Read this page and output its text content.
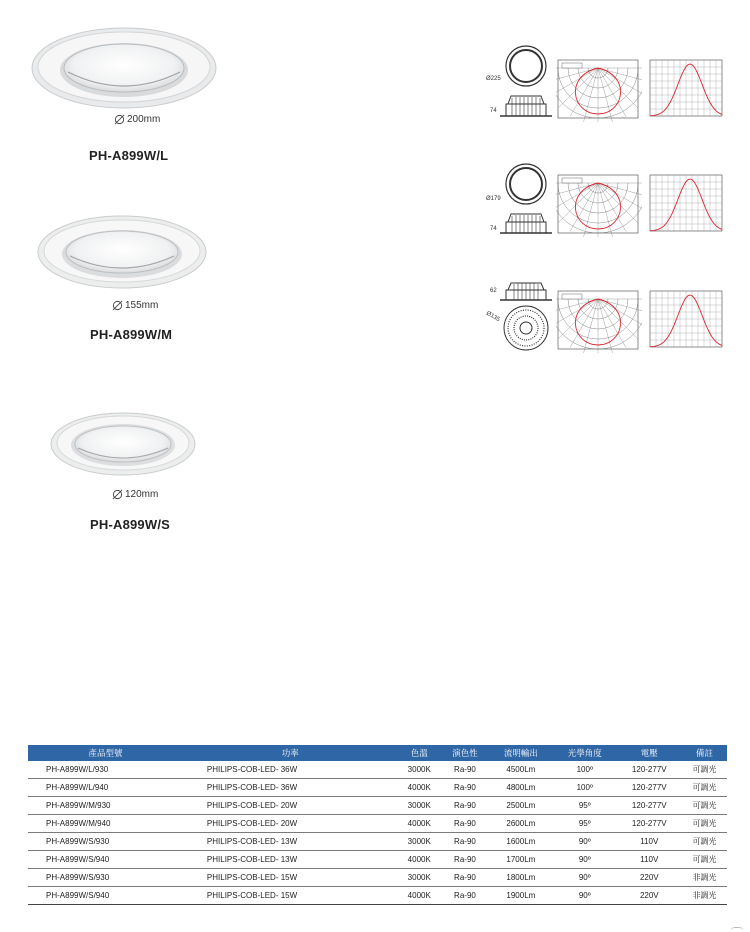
200mm
PH-A899W/L
155mm
PH-A899W/M
120mm
PH-A899W/S
Ø225
74
Ø179
74
62
Ø135
產品型號	功率	色溫	演色性	流明輸出	光學角度	電壓	備註
PH-A899W/L/930	PHILIPS-COB-LED- 36W	3000K	Ra-90	4500Lm	100º	120-277V	可調光
PH-A899W/L/940	PHILIPS-COB-LED- 36W	4000K	Ra-90	4800Lm	100º	120-277V	可調光
PH-A899W/M/930	PHILIPS-COB-LED- 20W	3000K	Ra-90	2500Lm	95º	120-277V	可調光
PH-A899W/M/940	PHILIPS-COB-LED- 20W	4000K	Ra-90	2600Lm	95º	120-277V	可調光
PH-A899W/S/930	PHILIPS-COB-LED- 13W	3000K	Ra-90	1600Lm	90º	110V	可調光
PH-A899W/S/940	PHILIPS-COB-LED- 13W	4000K	Ra-90	1700Lm	90º	110V	可調光
PH-A899W/S/930	PHILIPS-COB-LED- 15W	3000K	Ra-90	1800Lm	90º	220V	非調光
PH-A899W/S/940	PHILIPS-COB-LED- 15W	4000K	Ra-90	1900Lm	90º	220V	非調光
